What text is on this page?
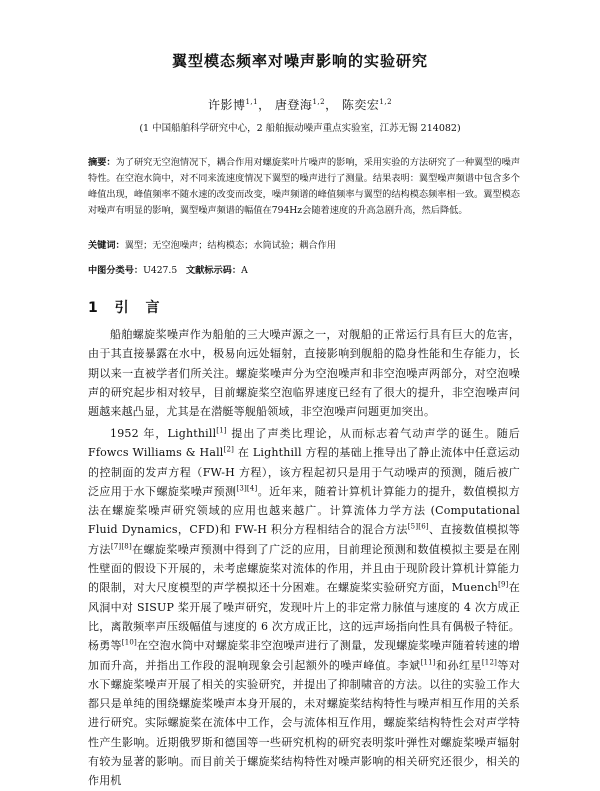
翼型模态频率对噪声影响的实验研究
许影博$^{1,1}$， 唐登海$^{1,2}$， 陈奕宏$^{1,2}$
(1 中国船舶科学研究中心，2 船舶振动噪声重点实验室，江苏无锡 214082)
摘要：为了研究无空泡情况下，耦合作用对螺旋桨叶片噪声的影响，采用实验的方法研究了一种翼型的噪声特性。在空泡水筒中，对不同来流速度情况下翼型的噪声进行了测量。结果表明：翼型噪声频谱中包含多个峰值出现，峰值频率不随水速的改变而改变，噪声频谱的峰值频率与翼型的结构模态频率相一致。翼型模态对噪声有明显的影响，翼型噪声频谱的幅值在794Hz会随着速度的升高急剧升高，然后降低。
关键词：翼型；无空泡噪声；结构模态；水筒试验；耦合作用
中图分类号：U427.5 文献标示码：A
1 引 言
船舶螺旋桨噪声作为船舶的三大噪声源之一，对舰船的正常运行具有巨大的危害，由于其直接暴露在水中，极易向远处辐射，直接影响到舰船的隐身性能和生存能力，长期以来一直被学者们所关注。螺旋桨噪声分为空泡噪声和非空泡噪声两部分，对空泡噪声的研究起步相对较早，目前螺旋桨空泡临界速度已经有了很大的提升，非空泡噪声问题越来越凸显，尤其是在潜艇等舰船领域，非空泡噪声问题更加突出。
1952 年，Lighthill[1] 提出了声类比理论，从而标志着气动声学的诞生。随后 Ffowcs Williams & Hall[2] 在 Lighthill 方程的基础上推导出了静止流体中任意运动的控制面的发声方程（FW-H 方程），该方程起初只是用于气动噪声的预测，随后被广泛应用于水下螺旋桨噪声预测[3][4]。近年来，随着计算机计算能力的提升，数值模拟方法在螺旋桨噪声研究领域的应用也越来越广。计算流体力学方法 (Computational Fluid Dynamics，CFD)和 FW-H 积分方程相结合的混合方法[5][6]、直接数值模拟等方法[7][8]在螺旋桨噪声预测中得到了广泛的应用，目前理论预测和数值模拟主要是在刚性壁面的假设下开展的，未考虑螺旋桨对流体的作用，并且由于现阶段计算机计算能力的限制，对大尺度模型的声学模拟还十分困难。在螺旋桨实验研究方面，Muench[9]在风洞中对 SISUP 桨开展了噪声研究，发现叶片上的非定常力脉值与速度的 4 次方成正比，离散频率声压级幅值与速度的 6 次方成正比，这的远声场指向性具有偶极子特征。杨勇等[10]在空泡水筒中对螺旋桨非空泡噪声进行了测量，发现螺旋桨噪声随着转速的增加而升高，并指出工作段的混响现象会引起额外的噪声峰值。李斌[11]和孙红星[12]等对水下螺旋桨噪声开展了相关的实验研究，并提出了抑制啸音的方法。以往的实验工作大都只是单纯的围绕螺旋桨噪声本身开展的，未对螺旋桨结构特性与噪声相互作用的关系进行研究。实际螺旋桨在流体中工作，会与流体相互作用，螺旋桨结构特性会对声学特性产生影响。近期俄罗斯和德国等一些研究机构的研究表明浆叶弹性对螺旋桨噪声辐射有较为显著的影响。而目前关于螺旋桨结构特性对噪声影响的相关研究还很少，相关的作用机
